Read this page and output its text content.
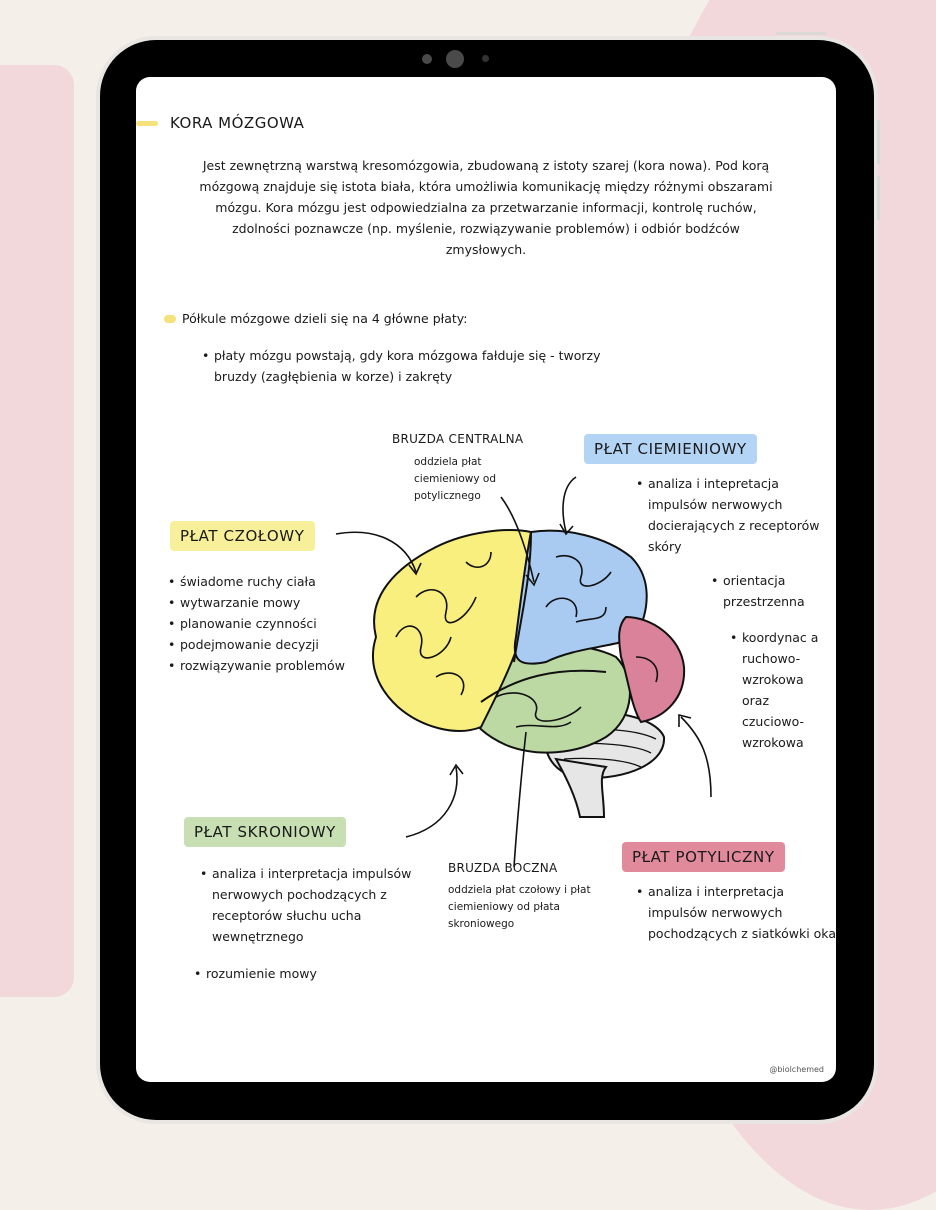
KORA MÓZGOWA
Jest zewnętrzną warstwą kresomózgowia, zbudowaną z istoty szarej (kora nowa). Pod korą mózgową znajduje się istota biała, która umożliwia komunikację między różnymi obszarami mózgu. Kora mózgu jest odpowiedzialna za przetwarzanie informacji, kontrolę ruchów, zdolności poznawcze (np. myślenie, rozwiązywanie problemów) i odbiór bodźców zmysłowych.
Półkule mózgowe dzieli się na 4 główne płaty:
• płaty mózgu powstają, gdy kora mózgowa fałduje się - tworzy bruzdy (zagłębienia w korze) i zakręty
BRUZDA CENTRALNA
oddziela płat ciemieniowy od potylicznego
PŁAT CIEMIENIOWY
• analiza i intepretacja impulsów nerwowych docierających z receptorów skóry
• orientacja przestrzenna
• koordynac a ruchowo-wzrokowa oraz czuciowo-wzrokowa
PŁAT CZOŁOWY
• świadome ruchy ciała
• wytwarzanie mowy
• planowanie czynności
• podejmowanie decyzji
• rozwiązywanie problemów
PŁAT SKRONIOWY
• analiza i interpretacja impulsów nerwowych pochodzących z receptorów słuchu ucha wewnętrznego
• rozumienie mowy
BRUZDA BOCZNA
oddziela płat czołowy i płat ciemieniowy od płata skroniowego
PŁAT POTYLICZNY
• analiza i interpretacja impulsów nerwowych pochodzących z siatkówki oka
@biolchemed
